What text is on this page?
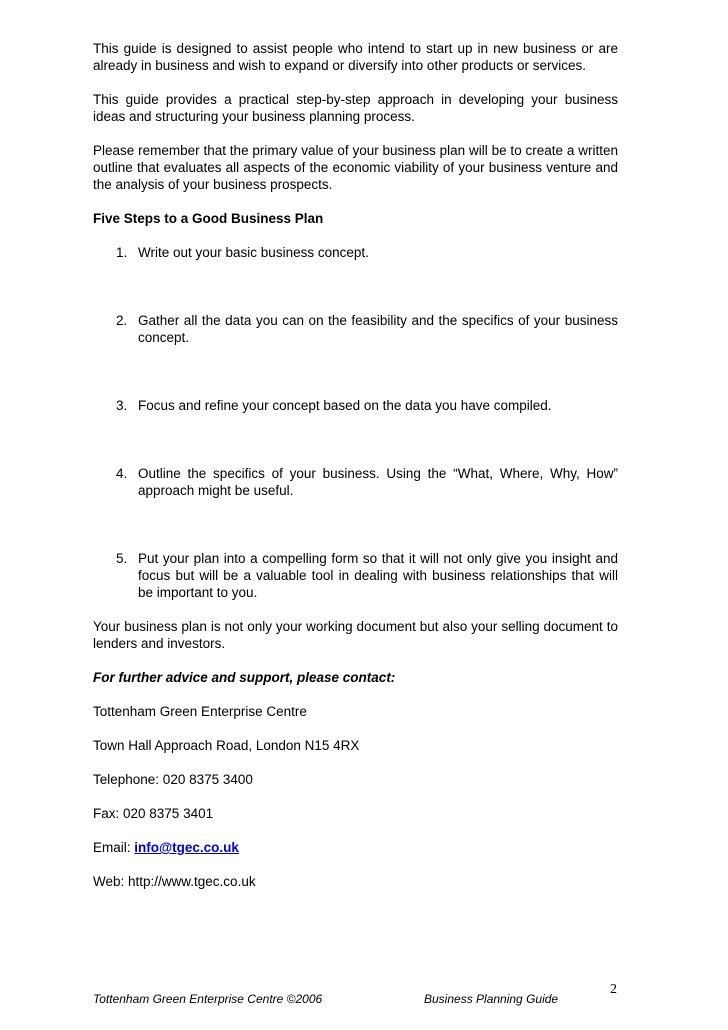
This guide is designed to assist people who intend to start up in new business or are already in business and wish to expand or diversify into other products or services.

This guide provides a practical step-by-step approach in developing your business ideas and structuring your business planning process.

Please remember that the primary value of your business plan will be to create a written outline that evaluates all aspects of the economic viability of your business venture and the analysis of your business prospects.

Five Steps to a Good Business Plan

1. Write out your basic business concept.
2. Gather all the data you can on the feasibility and the specifics of your business concept.
3. Focus and refine your concept based on the data you have compiled.
4. Outline the specifics of your business. Using the “What, Where, Why, How” approach might be useful.
5. Put your plan into a compelling form so that it will not only give you insight and focus but will be a valuable tool in dealing with business relationships that will be important to you.

Your business plan is not only your working document but also your selling document to lenders and investors.

For further advice and support, please contact:

Tottenham Green Enterprise Centre

Town Hall Approach Road, London N15 4RX

Telephone: 020 8375 3400

Fax: 020 8375 3401

Email: info@tgec.co.uk

Web: http://www.tgec.co.uk

Tottenham Green Enterprise Centre ©2006	Business Planning Guide
2
